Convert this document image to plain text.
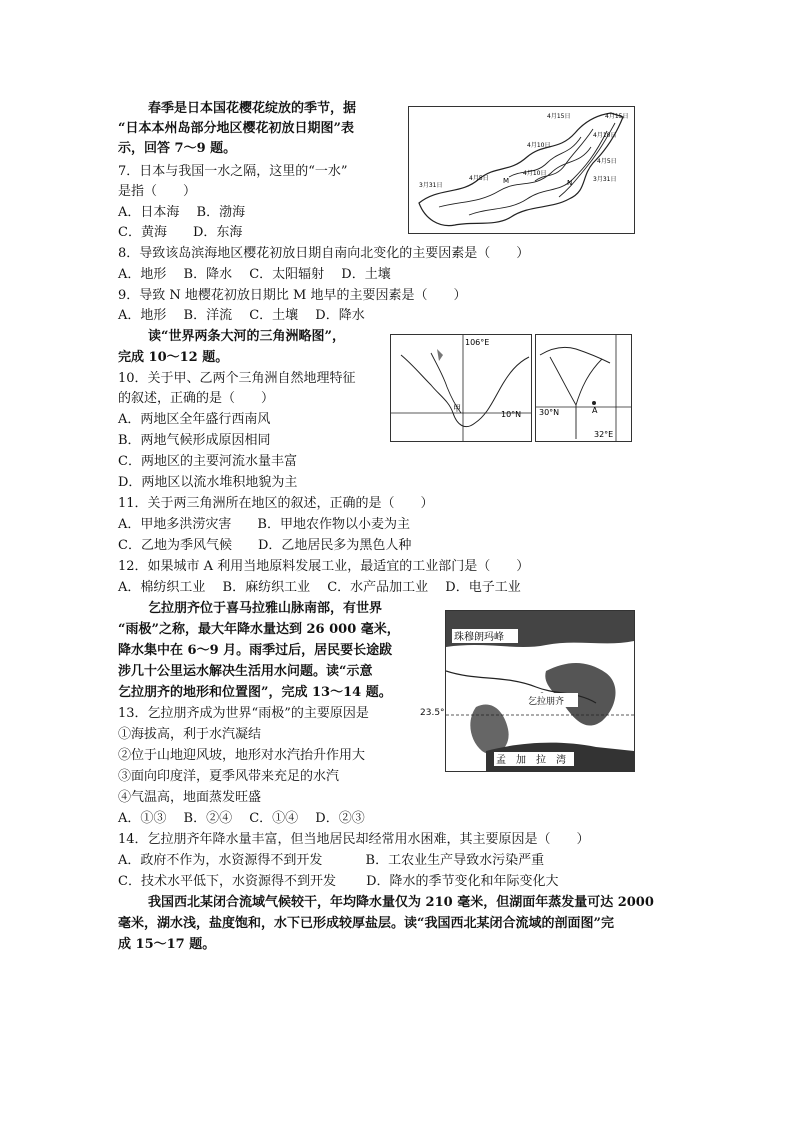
春季是日本国花樱花绽放的季节，据
“日本本州岛部分地区樱花初放日期图”表
示，回答 7～9 题。
7．日本与我国一水之隔，这里的“一水”
是指（　　）
A．日本海　 B．渤海
C．黄海　　D．东海
8．导致该岛滨海地区樱花初放日期自南向北变化的主要因素是（　　）
A．地形　 B．降水　 C．太阳辐射　 D．土壤
9．导致 N 地樱花初放日期比 M 地早的主要因素是（　　）
A．地形　 B．洋流　 C．土壤　 D．降水
4月15日	4月15日
4月10日
4月10日
4月5日
4月5日
4月10日
3月31日
3月31日
M	N
读“世界两条大河的三角洲略图”，
完成 10～12 题。
10．关于甲、乙两个三角洲自然地理特征
的叙述，正确的是（　　）
A．两地区全年盛行西南风
B．两地气候形成原因相同
C．两地区的主要河流水量丰富
D．两地区以流水堆积地貌为主
11．关于两三角洲所在地区的叙述，正确的是（　　）
A．甲地多洪涝灾害　　B．甲地农作物以小麦为主
C．乙地为季风气候　　D．乙地居民多为黑色人种
12．如果城市 A 利用当地原料发展工业，最适宜的工业部门是（　　）
A．棉纺织工业　 B．麻纺织工业　 C．水产品加工业　 D．电子工业
106°E
10°N
甲	30°N	A
32°E
乞拉朋齐位于喜马拉雅山脉南部，有世界
“雨极”之称，最大年降水量达到 26 000 毫米，
降水集中在 6～9 月。雨季过后，居民要长途跋
涉几十公里运水解决生活用水问题。读“示意
乞拉朋齐的地形和位置图”，完成 13～14 题。
13．乞拉朋齐成为世界“雨极”的主要原因是
①海拔高，利于水汽凝结
②位于山地迎风坡，地形对水汽抬升作用大
③面向印度洋，夏季风带来充足的水汽
④气温高，地面蒸发旺盛
A．①③　 B．②④　 C．①④　 D．②③
14．乞拉朋齐年降水量丰富，但当地居民却经常用水困难，其主要原因是（　　）
A．政府不作为，水资源得不到开发　　　 B．工农业生产导致水污染严重
C．技术水平低下，水资源得不到开发　　 D．降水的季节变化和年际变化大
珠穆朗玛峰
乞拉朋齐
孟　加　拉　湾
23.5°
我国西北某闭合流域气候较干，年均降水量仅为 210 毫米，但湖面年蒸发量可达 2000
毫米，湖水浅，盐度饱和，水下已形成较厚盐层。读“我国西北某闭合流域的剖面图”完
成 15～17 题。
